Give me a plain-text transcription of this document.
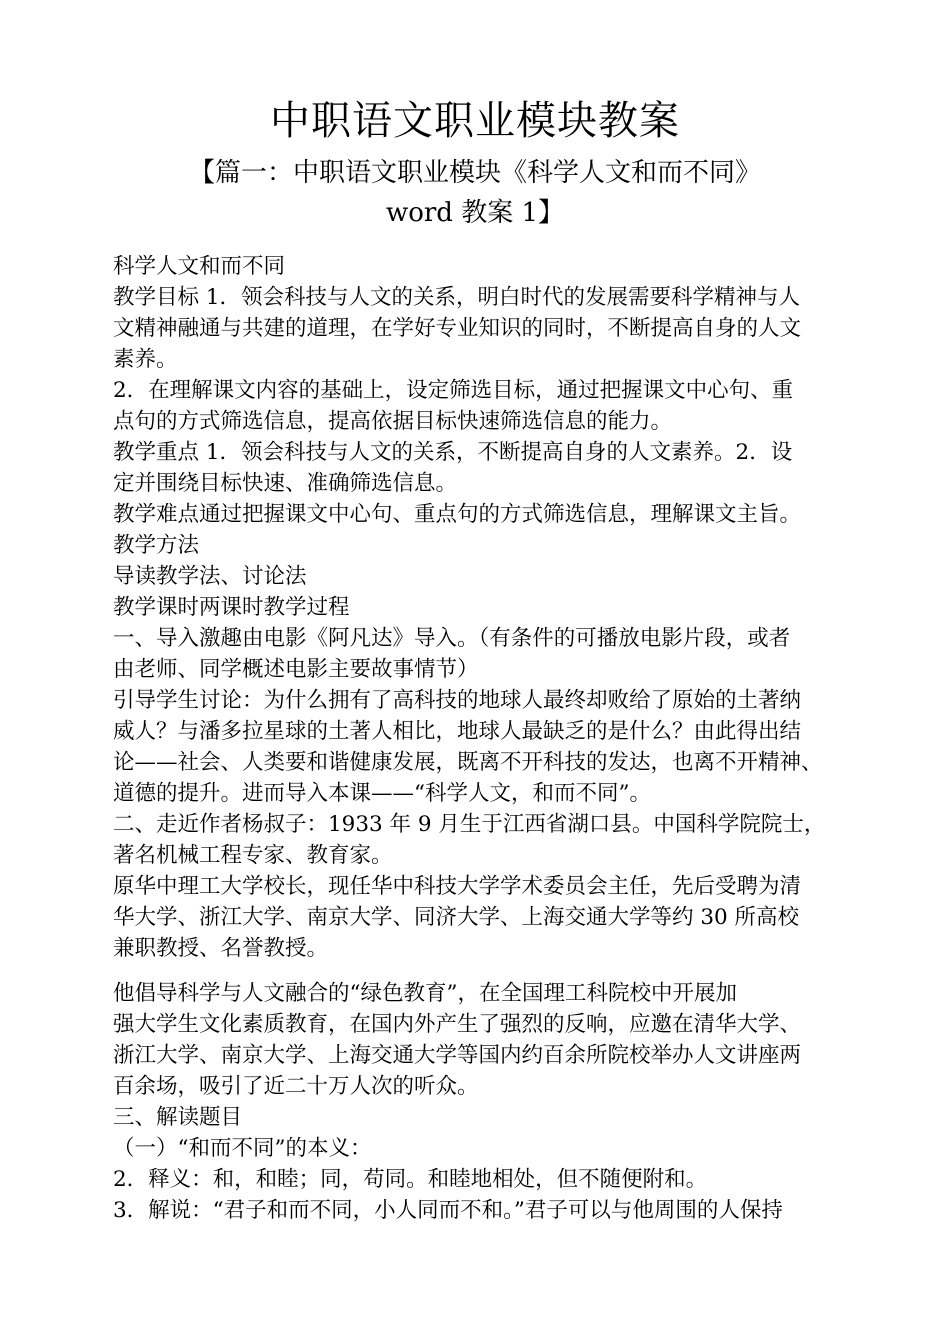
中职语文职业模块教案
【篇一：中职语文职业模块《科学人文和而不同》
word 教案 1】
科学人文和而不同
教学目标 1．领会科技与人文的关系，明白时代的发展需要科学精神与人
文精神融通与共建的道理，在学好专业知识的同时，不断提高自身的人文
素养。
2．在理解课文内容的基础上，设定筛选目标，通过把握课文中心句、重
点句的方式筛选信息，提高依据目标快速筛选信息的能力。
教学重点 1．领会科技与人文的关系，不断提高自身的人文素养。2．设
定并围绕目标快速、准确筛选信息。
教学难点通过把握课文中心句、重点句的方式筛选信息，理解课文主旨。
教学方法
导读教学法、讨论法
教学课时两课时教学过程
一、导入激趣由电影《阿凡达》导入。（有条件的可播放电影片段，或者
由老师、同学概述电影主要故事情节）
引导学生讨论：为什么拥有了高科技的地球人最终却败给了原始的土著纳
威人？与潘多拉星球的土著人相比，地球人最缺乏的是什么？由此得出结
论——社会、人类要和谐健康发展，既离不开科技的发达，也离不开精神、
道德的提升。进而导入本课——“科学人文，和而不同”。
二、走近作者杨叔子：1933 年 9 月生于江西省湖口县。中国科学院院士，
著名机械工程专家、教育家。
原华中理工大学校长，现任华中科技大学学术委员会主任，先后受聘为清
华大学、浙江大学、南京大学、同济大学、上海交通大学等约 30 所高校
兼职教授、名誉教授。
他倡导科学与人文融合的“绿色教育”，在全国理工科院校中开展加
强大学生文化素质教育，在国内外产生了强烈的反响，应邀在清华大学、
浙江大学、南京大学、上海交通大学等国内约百余所院校举办人文讲座两
百余场，吸引了近二十万人次的听众。
三、解读题目
（一）“和而不同”的本义：
2．释义：和，和睦；同，苟同。和睦地相处，但不随便附和。
3．解说：“君子和而不同，小人同而不和。”君子可以与他周围的人保持
